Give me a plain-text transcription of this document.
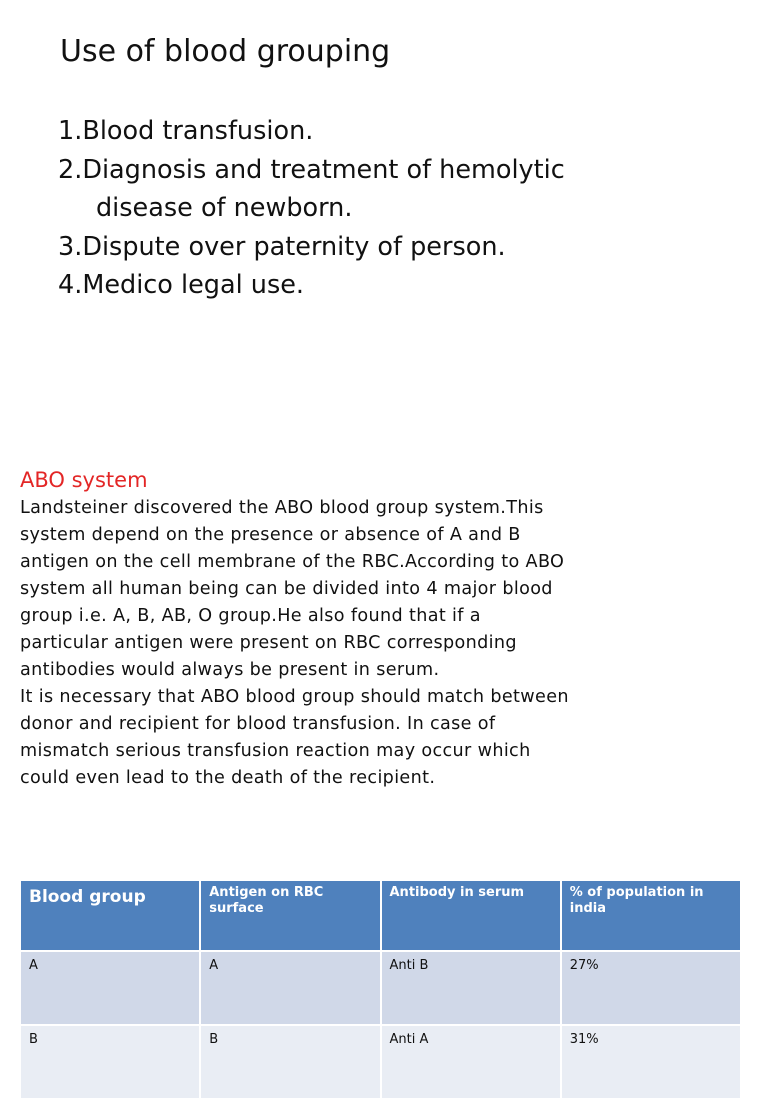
Use of blood grouping
1.Blood transfusion.
2.Diagnosis and treatment of hemolytic
disease of newborn.
3.Dispute over paternity of person.
4.Medico legal use.
ABO system

Landsteiner discovered the ABO blood group system.This

system depend on the presence or absence of A and B

antigen on the cell membrane of the RBC.According to ABO

system all human being can be divided into 4 major blood

group i.e. A, B, AB, O group.He also found that if a

particular antigen were present on RBC corresponding

antibodies would always be present in serum.

It is necessary that ABO blood group should match between

donor and recipient for blood transfusion. In case of

mismatch serious transfusion reaction may occur which

could even lead to the death of the recipient.

Blood group	Antigen on RBC surface	Antibody in serum	% of population in india
A	A	Anti B	27%
B	B	Anti A	31%
